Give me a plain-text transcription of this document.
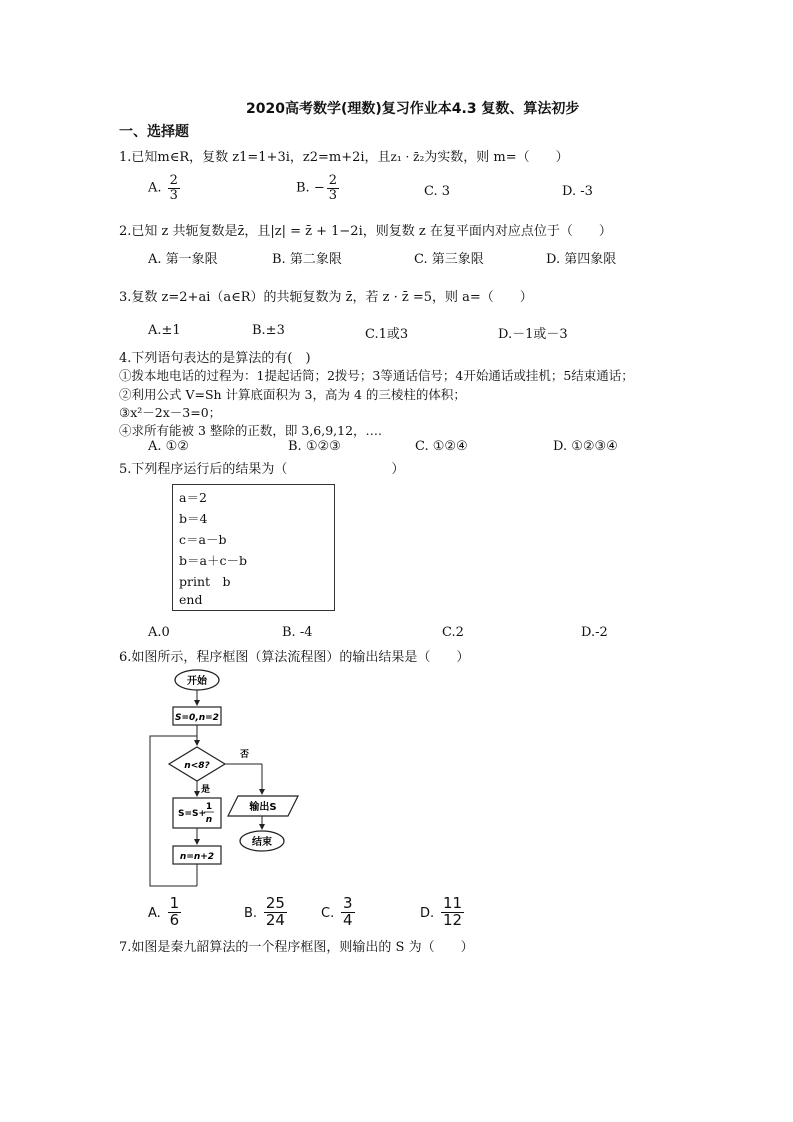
2020高考数学(理数)复习作业本4.3 复数、算法初步
一、选择题
1.已知m∈R，复数 z1=1+3i，z2=m+2i，且z₁ · z̄₂为实数，则 m=（　　）
A. $\frac{2}{3}$	B. − $\frac{2}{3}$	C. 3	D. -3
2.已知 z 共轭复数是z̄，且|z| = z̄ + 1−2i，则复数 z 在复平面内对应点位于（　　）
A. 第一象限	B. 第二象限	C. 第三象限	D. 第四象限
3.复数 z=2+ai（a∈R）的共轭复数为 z̄，若 z · z̄ =5，则 a=（　　）
A.±1	B.±3	C.1或3	D.－1或－3
4.下列语句表达的是算法的有(　)
①拨本地电话的过程为：1提起话筒；2拨号；3等通话信号；4开始通话或挂机；5结束通话；
②利用公式 V=Sh 计算底面积为 3，高为 4 的三棱柱的体积；
③x²－2x－3=0；
④求所有能被 3 整除的正数，即 3,6,9,12，….
A. ①②	B. ①②③	C. ①②④	D. ①②③④
5.下列程序运行后的结果为（　　　　　　　　）
a＝2
b＝4
c＝a－b
b＝a＋c－b
print　b
end
A.0	B. -4	C.2	D.-2
6.如图所示，程序框图（算法流程图）的输出结果是（　　）
开始
S=0,n=2
n<8?
否
是
S=S+
1
n
n=n+2
输出S
结束
A. $\frac{1}{6}$	B. $\frac{25}{24}$	C. $\frac{3}{4}$	D. $\frac{11}{12}$
7.如图是秦九韶算法的一个程序框图，则输出的 S 为（　　）
